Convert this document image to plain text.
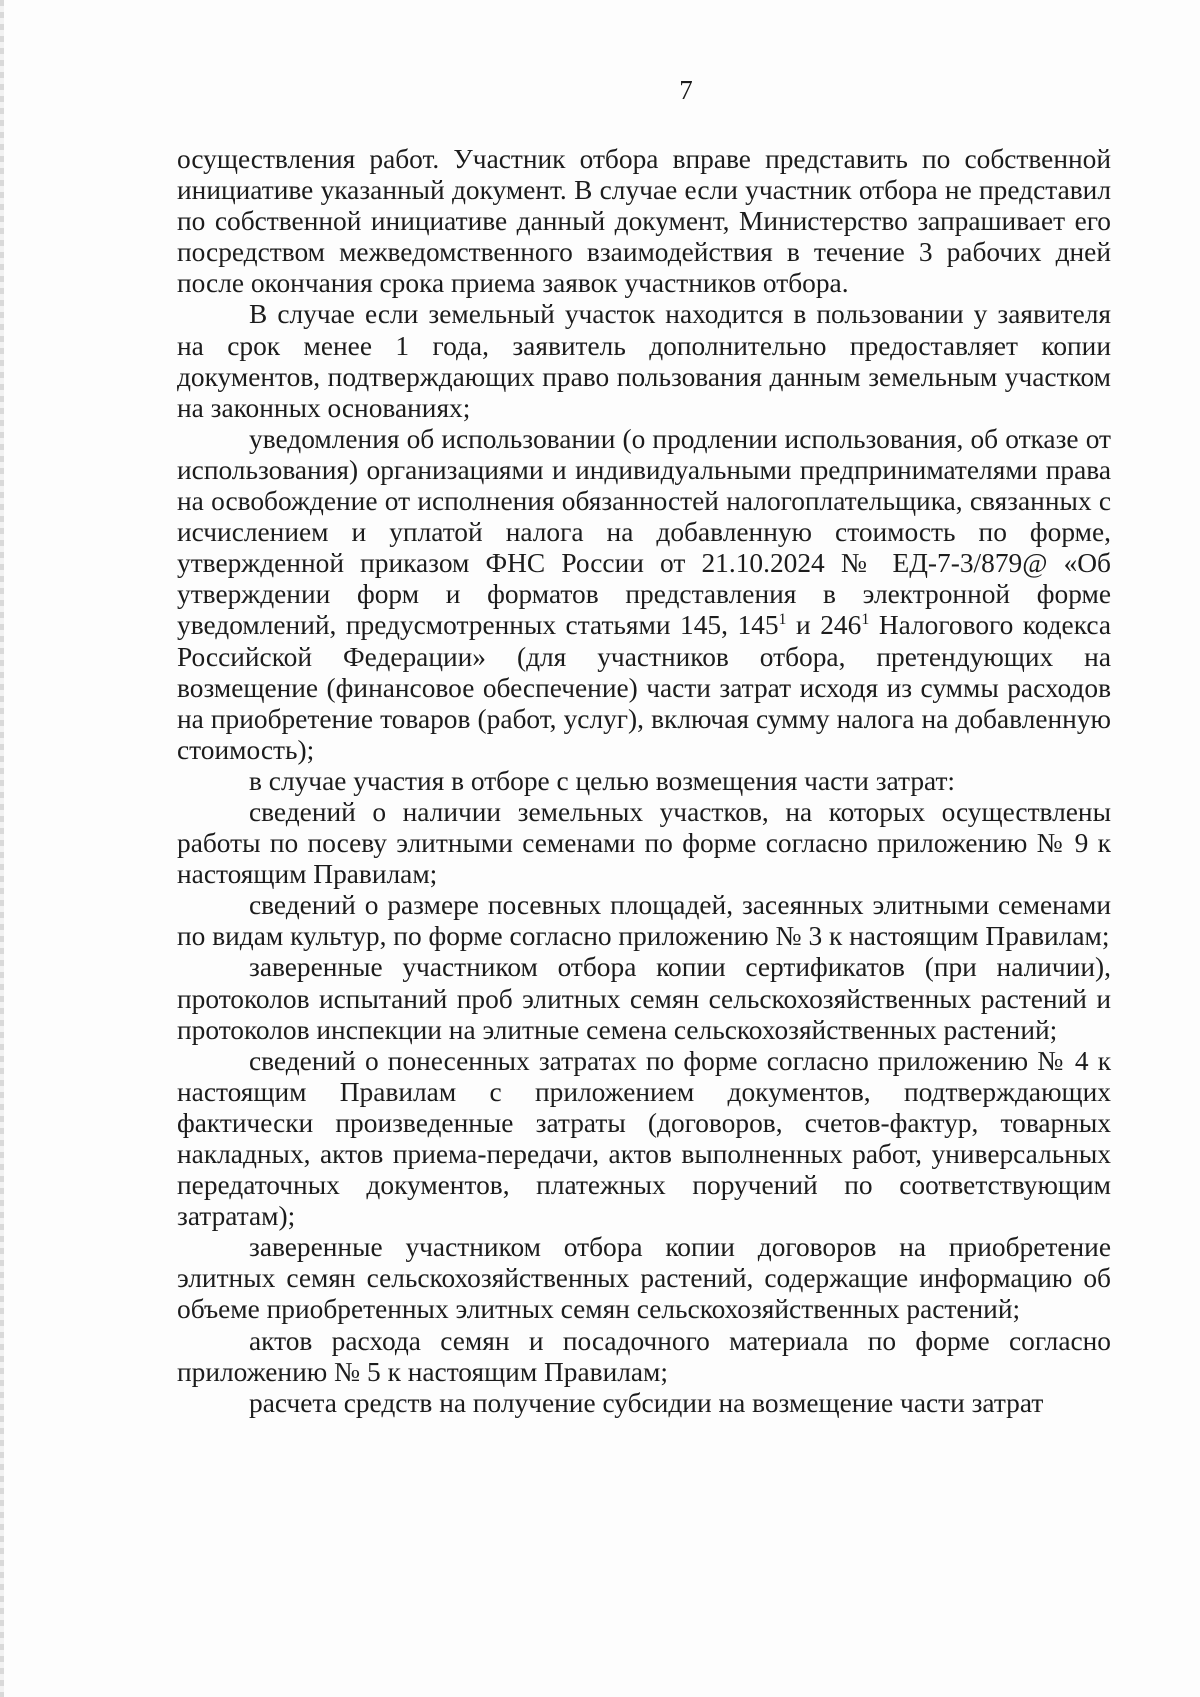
7

осуществления работ. Участник отбора вправе представить по собственной инициативе указанный документ. В случае если участник отбора не представил по собственной инициативе данный документ, Министерство запрашивает его посредством межведомственного взаимодействия в течение 3 рабочих дней после окончания срока приема заявок участников отбора.

В случае если земельный участок находится в пользовании у заявителя на срок менее 1 года, заявитель дополнительно предоставляет копии документов, подтверждающих право пользования данным земельным участком на законных основаниях;

уведомления об использовании (о продлении использования, об отказе от использования) организациями и индивидуальными предпринимателями права на освобождение от исполнения обязанностей налогоплательщика, связанных с исчислением и уплатой налога на добавленную стоимость по форме, утвержденной приказом ФНС России от 21.10.2024 № ЕД-7-3/879@ «Об утверждении форм и форматов представления в электронной форме уведомлений, предусмотренных статьями 145, $145^1$ и $246^1$ Налогового кодекса Российской Федерации» (для участников отбора, претендующих на возмещение (финансовое обеспечение) части затрат исходя из суммы расходов на приобретение товаров (работ, услуг), включая сумму налога на добавленную стоимость);

в случае участия в отборе с целью возмещения части затрат:

сведений о наличии земельных участков, на которых осуществлены работы по посеву элитными семенами по форме согласно приложению № 9 к настоящим Правилам;

сведений о размере посевных площадей, засеянных элитными семенами по видам культур, по форме согласно приложению № 3 к настоящим Правилам;

заверенные участником отбора копии сертификатов (при наличии), протоколов испытаний проб элитных семян сельскохозяйственных растений и протоколов инспекции на элитные семена сельскохозяйственных растений;

сведений о понесенных затратах по форме согласно приложению № 4 к настоящим Правилам с приложением документов, подтверждающих фактически произведенные затраты (договоров, счетов-фактур, товарных накладных, актов приема-передачи, актов выполненных работ, универсальных передаточных документов, платежных поручений по соответствующим затратам);

заверенные участником отбора копии договоров на приобретение элитных семян сельскохозяйственных растений, содержащие информацию об объеме приобретенных элитных семян сельскохозяйственных растений;

актов расхода семян и посадочного материала по форме согласно приложению № 5 к настоящим Правилам;

расчета средств на получение субсидии на возмещение части затрат
